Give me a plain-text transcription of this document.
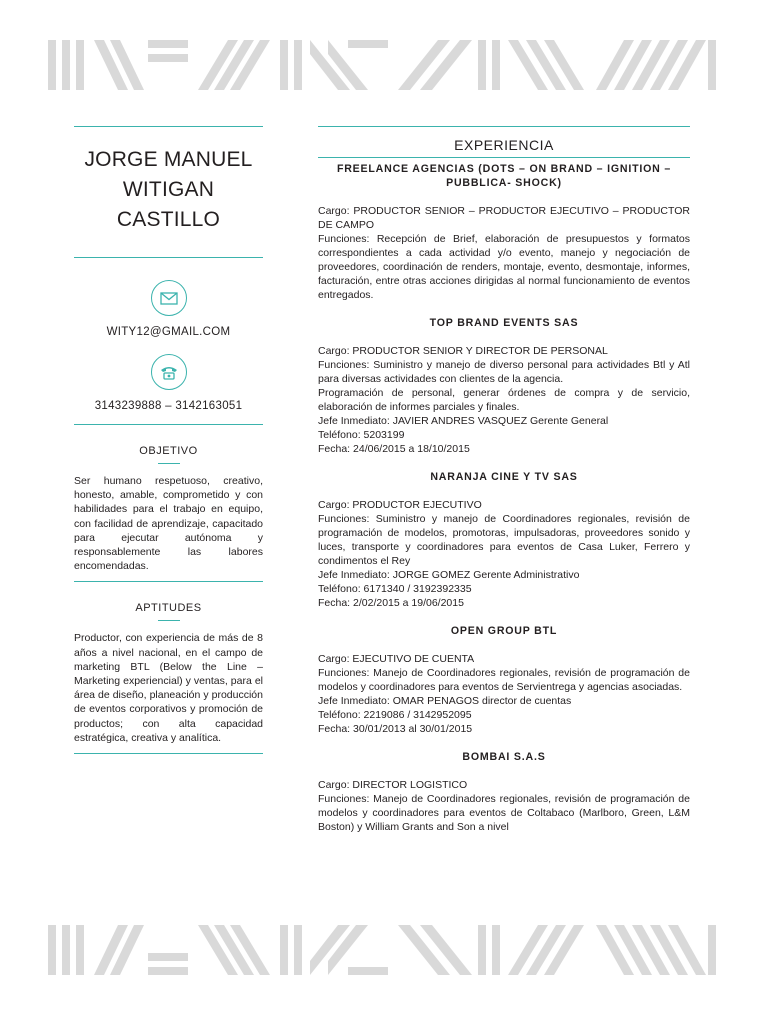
JORGE MANUEL
WITIGAN
CASTILLO
WITY12@GMAIL.COM
3143239888 – 3142163051
OBJETIVO
Ser humano respetuoso, creativo, honesto, amable, comprometido y con habilidades para el trabajo en equipo, con facilidad de aprendizaje, capacitado para ejecutar autónoma y responsablemente las labores encomendadas.
APTITUDES
Productor, con experiencia de más de 8 años a nivel nacional, en el campo de marketing BTL (Below the Line –Marketing experiencial) y ventas, para el área de diseño, planeación y producción de eventos corporativos y promoción de productos; con alta capacidad estratégica, creativa y analítica.
EXPERIENCIA
FREELANCE AGENCIAS (DOTS – ON BRAND – IGNITION – PUBBLICA- SHOCK)
Cargo: PRODUCTOR SENIOR – PRODUCTOR EJECUTIVO – PRODUCTOR DE CAMPO
Funciones: Recepción de Brief, elaboración de presupuestos y formatos correspondientes a cada actividad y/o evento, manejo y negociación de proveedores, coordinación de renders, montaje, evento, desmontaje, informes, facturación, entre otras acciones dirigidas al normal funcionamiento de eventos entregados.
TOP BRAND EVENTS SAS
Cargo: PRODUCTOR SENIOR Y DIRECTOR DE PERSONAL
Funciones: Suministro y manejo de diverso personal para actividades Btl y Atl para diversas actividades con clientes de la agencia.
Programación de personal, generar órdenes de compra y de servicio, elaboración de informes parciales y finales.
Jefe Inmediato: JAVIER ANDRES VASQUEZ Gerente General
Teléfono: 5203199
Fecha: 24/06/2015 a 18/10/2015
NARANJA CINE Y TV SAS
Cargo: PRODUCTOR EJECUTIVO
Funciones: Suministro y manejo de Coordinadores regionales, revisión de programación de modelos, promotoras, impulsadoras, proveedores sonido y luces, transporte y coordinadores para eventos de Casa Luker, Ferrero y condimentos el Rey
Jefe Inmediato: JORGE GOMEZ Gerente Administrativo
Teléfono: 6171340 / 3192392335
Fecha: 2/02/2015 a 19/06/2015
OPEN GROUP BTL
Cargo: EJECUTIVO DE CUENTA
Funciones: Manejo de Coordinadores regionales, revisión de programación de modelos y coordinadores para eventos de Servientrega y agencias asociadas.
Jefe Inmediato: OMAR PENAGOS director de cuentas
Teléfono: 2219086 / 3142952095
Fecha: 30/01/2013 al 30/01/2015
BOMBAI S.A.S
Cargo: DIRECTOR LOGISTICO
Funciones: Manejo de Coordinadores regionales, revisión de programación de modelos y coordinadores para eventos de Coltabaco (Marlboro, Green, L&M Boston) y William Grants and Son a nivel
